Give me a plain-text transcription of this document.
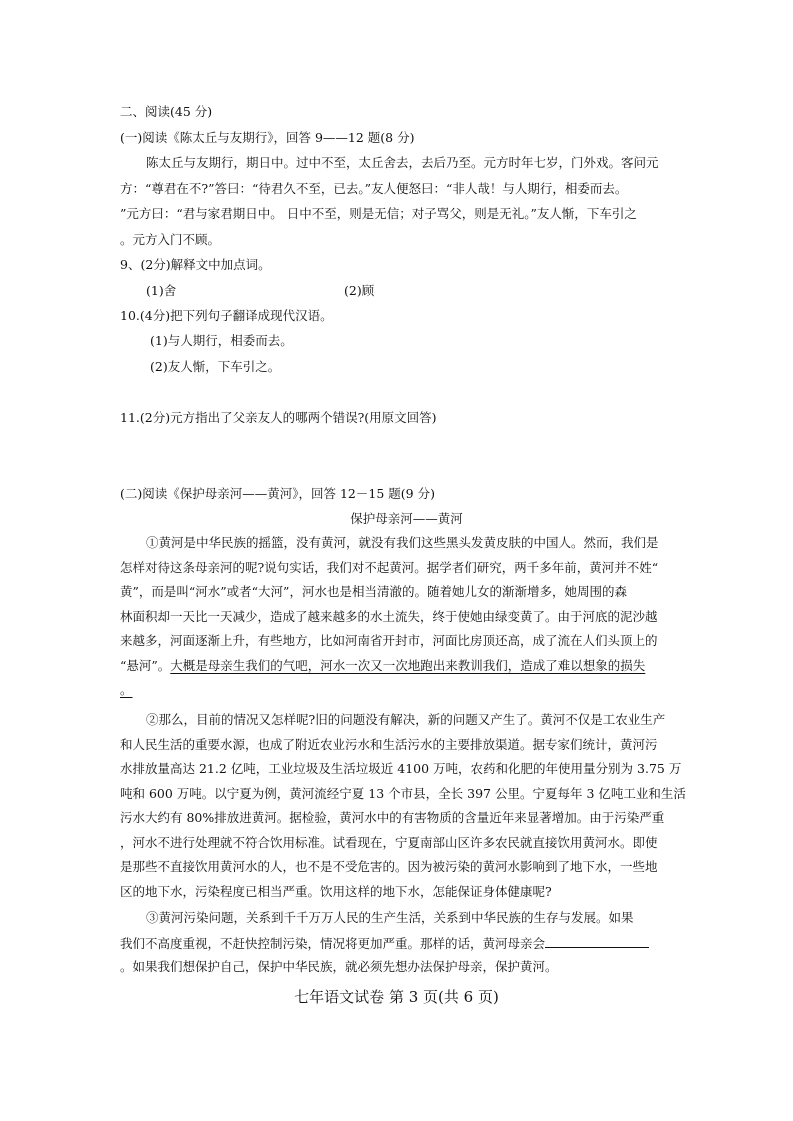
二、阅读(45 分)
(一)阅读《陈太丘与友期行》，回答 9——12 题(8 分)
陈太丘与友期行，期日中。过中不至，太丘舍去，去后乃至。元方时年七岁，门外戏。客问元
方：“尊君在不?”答曰：“待君久不至，已去。”友人便怒曰：“非人哉！与人期行，相委而去。
”元方曰：“君与家君期日中。 日中不至，则是无信；对子骂父，则是无礼。”友人惭，下车引之
。元方入门不顾。
9、(2分)解释文中加点词。
(1)舍	(2)顾
10.(4分)把下列句子翻译成现代汉语。
(1)与人期行，相委而去。
(2)友人惭，下车引之。
11.(2分)元方指出了父亲友人的哪两个错误?(用原文回答)
(二)阅读《保护母亲河——黄河》，回答 12－15 题(9 分)
保护母亲河——黄河
①黄河是中华民族的摇篮，没有黄河，就没有我们这些黑头发黄皮肤的中国人。然而，我们是
怎样对待这条母亲河的呢?说句实话，我们对不起黄河。据学者们研究，两千多年前，黄河并不姓“
黄”，而是叫“河水”或者“大河”，河水也是相当清澈的。随着她儿女的渐渐增多，她周围的森
林面积却一天比一天减少，造成了越来越多的水土流失，终于使她由绿变黄了。由于河底的泥沙越
来越多，河面逐渐上升，有些地方，比如河南省开封市，河面比房顶还高，成了流在人们头顶上的
“悬河”。大概是母亲生我们的气吧，河水一次又一次地跑出来教训我们，造成了难以想象的损失
。
②那么，目前的情况又怎样呢?旧的问题没有解决，新的问题又产生了。黄河不仅是工农业生产
和人民生活的重要水源，也成了附近农业污水和生活污水的主要排放渠道。据专家们统计，黄河污
水排放量高达 21.2 亿吨，工业垃圾及生活垃圾近 4100 万吨，农药和化肥的年使用量分别为 3.75 万
吨和 600 万吨。以宁夏为例，黄河流经宁夏 13 个市县，全长 397 公里。宁夏每年 3 亿吨工业和生活
污水大约有 80%排放进黄河。据检验，黄河水中的有害物质的含量近年来显著增加。由于污染严重
，河水不进行处理就不符合饮用标准。试看现在，宁夏南部山区许多农民就直接饮用黄河水。即使
是那些不直接饮用黄河水的人，也不是不受危害的。因为被污染的黄河水影响到了地下水，一些地
区的地下水，污染程度已相当严重。饮用这样的地下水，怎能保证身体健康呢?
③黄河污染问题，关系到千千万万人民的生产生活，关系到中华民族的生存与发展。如果
我们不高度重视，不赶快控制污染，情况将更加严重。那样的话，黄河母亲会
。如果我们想保护自己，保护中华民族，就必须先想办法保护母亲，保护黄河。
七年语文试卷 第 3 页(共 6 页)
